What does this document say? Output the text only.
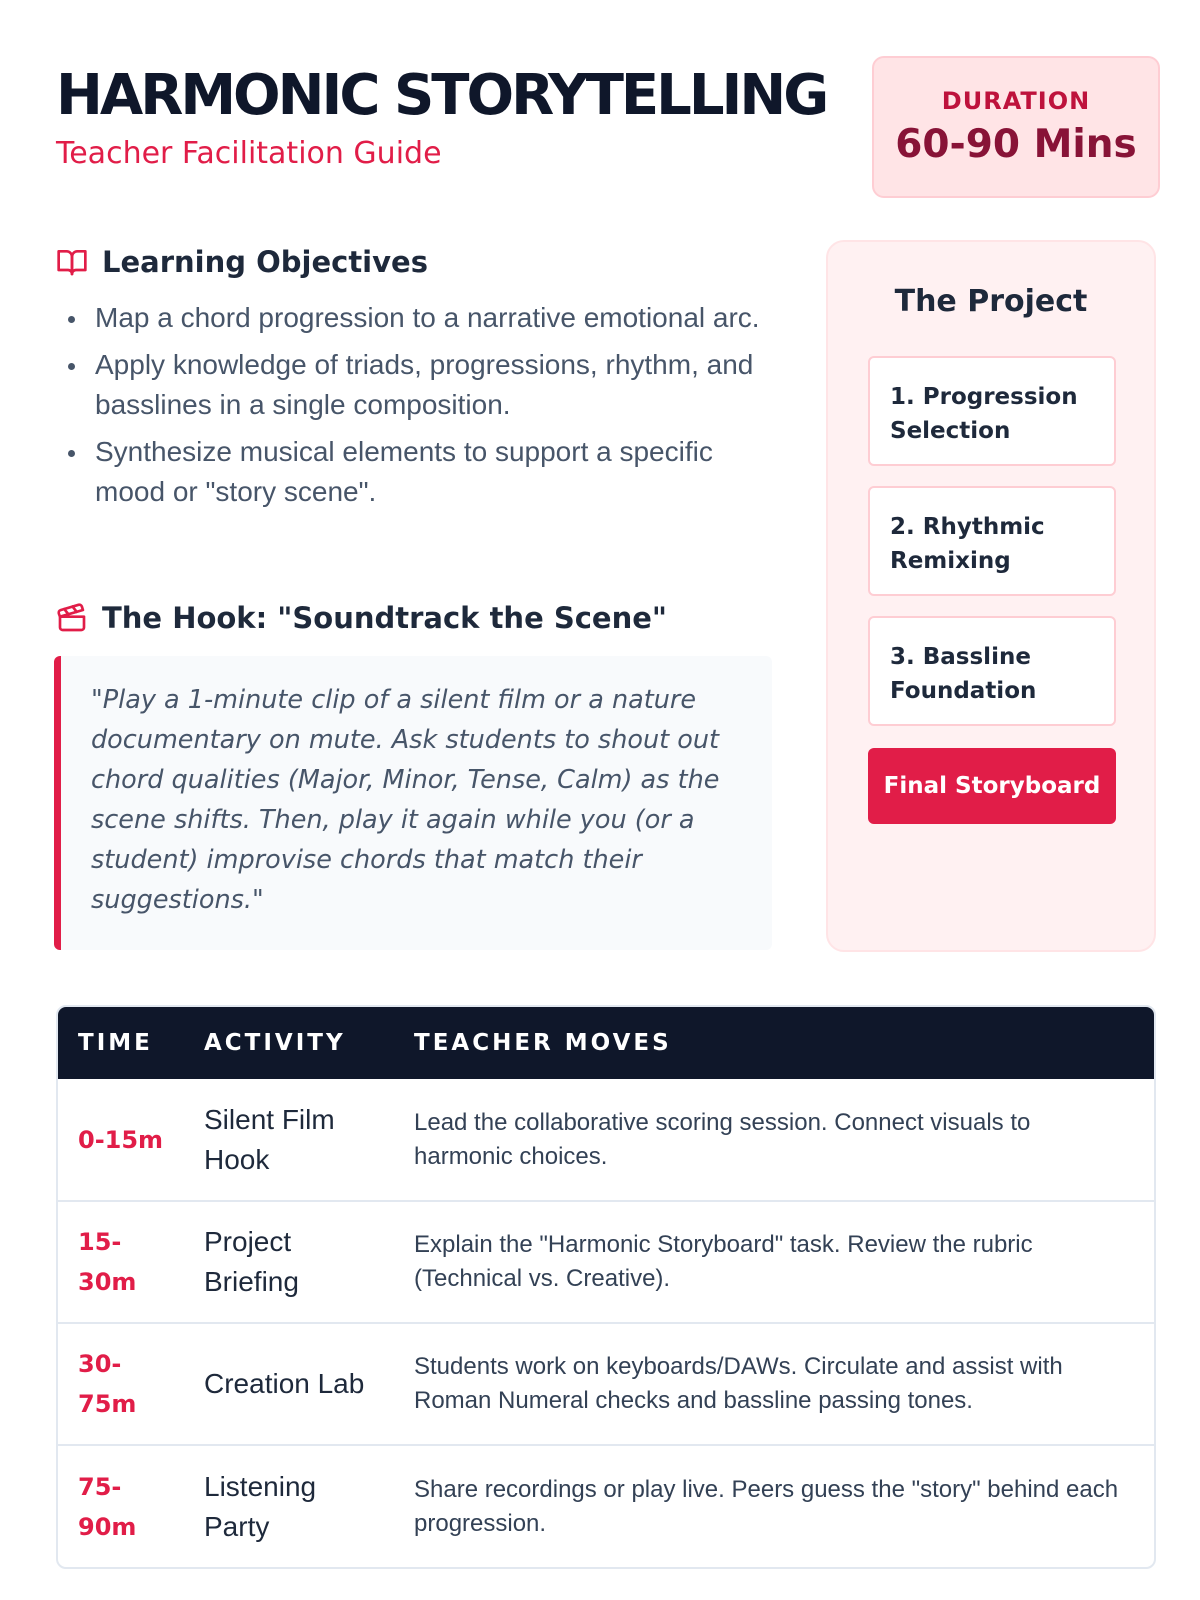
HARMONIC STORYTELLING
Teacher Facilitation Guide
DURATION
60-90 Mins
Learning Objectives
Map a chord progression to a narrative emotional arc.
Apply knowledge of triads, progressions, rhythm, and basslines in a single composition.
Synthesize musical elements to support a specific mood or "story scene".
The Hook: "Soundtrack the Scene"

"Play a 1-minute clip of a silent film or a nature documentary on mute. Ask students to shout out chord qualities (Major, Minor, Tense, Calm) as the scene shifts. Then, play it again while you (or a student) improvise chords that match their suggestions."

The Project
1. Progression Selection
2. Rhythmic Remixing
3. Bassline Foundation
Final Storyboard
TIME	ACTIVITY	TEACHER MOVES

0-15m	Silent Film Hook	Lead the collaborative scoring session. Connect visuals to harmonic choices.

15-30m	Project Briefing	Explain the "Harmonic Storyboard" task. Review the rubric (Technical vs. Creative).

30-75m	Creation Lab	Students work on keyboards/DAWs. Circulate and assist with Roman Numeral checks and bassline passing tones.

75-90m	Listening Party	Share recordings or play live. Peers guess the "story" behind each progression.
